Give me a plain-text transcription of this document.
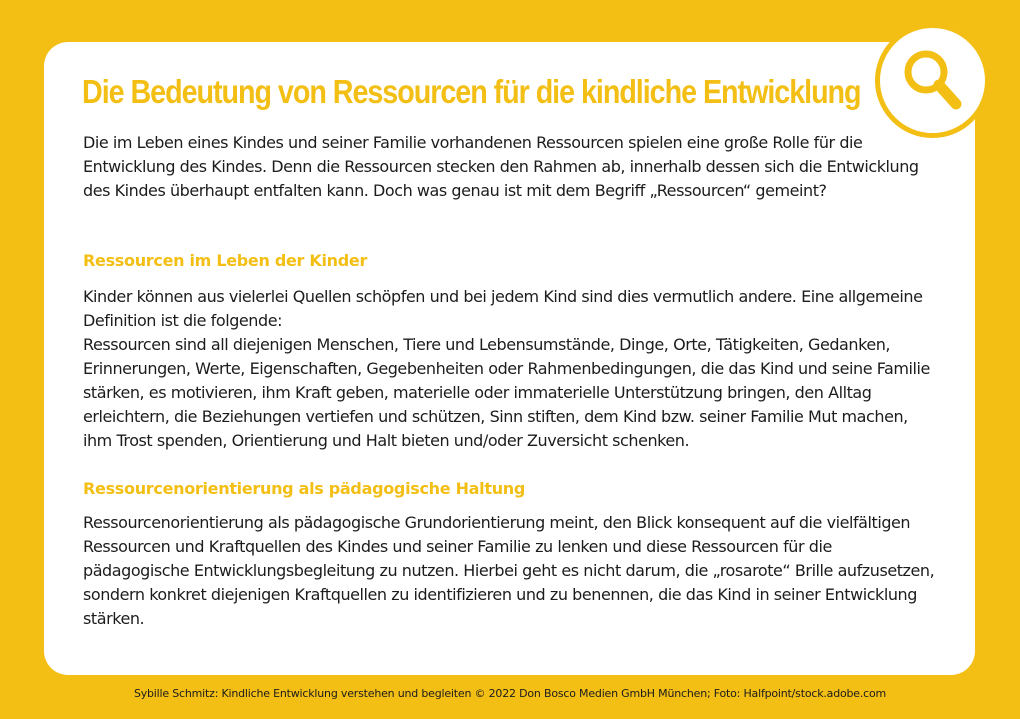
Die Bedeutung von Ressourcen für die kindliche Entwicklung

Die im Leben eines Kindes und seiner Familie vorhandenen Ressourcen spielen eine große Rolle für die Entwicklung des Kindes. Denn die Ressourcen stecken den Rahmen ab, innerhalb dessen sich die Entwicklung des Kindes überhaupt entfalten kann. Doch was genau ist mit dem Begriff „Ressourcen“ gemeint?

Ressourcen im Leben der Kinder

Kinder können aus vielerlei Quellen schöpfen und bei jedem Kind sind dies vermutlich andere. Eine allgemeine Definition ist die folgende:

Ressourcen sind all diejenigen Menschen, Tiere und Lebensumstände, Dinge, Orte, Tätigkeiten, Gedanken, Erinnerungen, Werte, Eigenschaften, Gegebenheiten oder Rahmenbedingungen, die das Kind und seine Familie stärken, es motivieren, ihm Kraft geben, materielle oder immaterielle Unterstützung bringen, den Alltag erleichtern, die Beziehungen vertiefen und schützen, Sinn stiften, dem Kind bzw. seiner Familie Mut machen, ihm Trost spenden, Orientierung und Halt bieten und/oder Zuversicht schenken.

Ressourcenorientierung als pädagogische Haltung

Ressourcenorientierung als pädagogische Grundorientierung meint, den Blick konsequent auf die vielfältigen Ressourcen und Kraftquellen des Kindes und seiner Familie zu lenken und diese Ressourcen für die pädagogische Entwicklungsbegleitung zu nutzen. Hierbei geht es nicht darum, die „rosarote“ Brille aufzusetzen, sondern konkret diejenigen Kraftquellen zu identifizieren und zu benennen, die das Kind in seiner Entwicklung stärken.

Sybille Schmitz: Kindliche Entwicklung verstehen und begleiten © 2022 Don Bosco Medien GmbH München; Foto: Halfpoint/stock.adobe.com
